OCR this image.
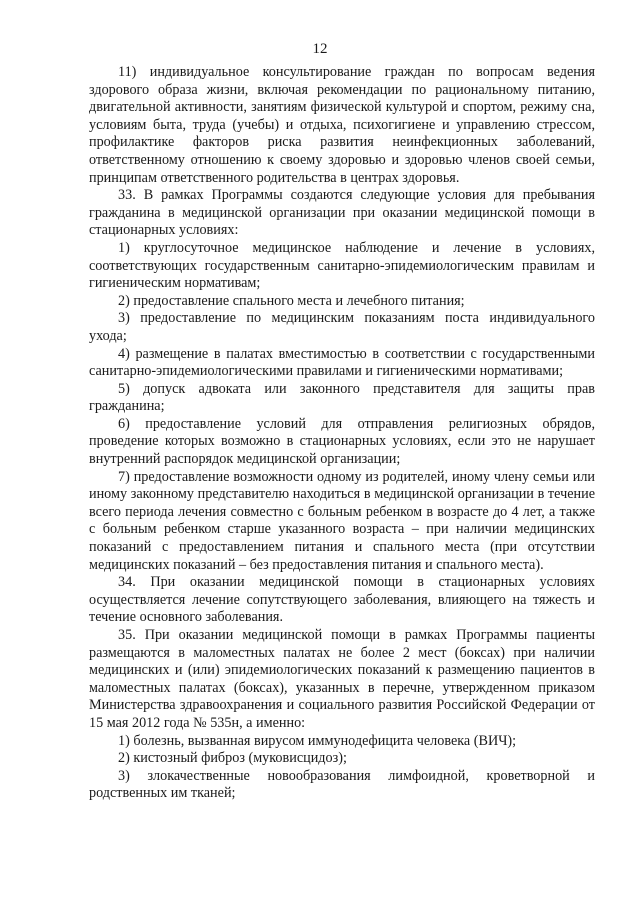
12

11) индивидуальное консультирование граждан по вопросам ведения здорового образа жизни, включая рекомендации по рациональному питанию, двигательной активности, занятиям физической культурой и спортом, режиму сна, условиям быта, труда (учебы) и отдыха, психогигиене и управлению стрессом, профилактике факторов риска развития неинфекционных заболеваний, ответственному отношению к своему здоровью и здоровью членов своей семьи, принципам ответственного родительства в центрах здоровья.

33. В рамках Программы создаются следующие условия для пребывания гражданина в медицинской организации при оказании медицинской помощи в стационарных условиях:

1) круглосуточное медицинское наблюдение и лечение в условиях, соответствующих государственным санитарно-эпидемиологическим правилам и гигиеническим нормативам;

2) предоставление спального места и лечебного питания;

3) предоставление по медицинским показаниям поста индивидуального ухода;

4) размещение в палатах вместимостью в соответствии с государственными санитарно-эпидемиологическими правилами и гигиеническими нормативами;

5) допуск адвоката или законного представителя для защиты прав гражданина;

6) предоставление условий для отправления религиозных обрядов, проведение которых возможно в стационарных условиях, если это не нарушает внутренний распорядок медицинской организации;

7) предоставление возможности одному из родителей, иному члену семьи или иному законному представителю находиться в медицинской организации в течение всего периода лечения совместно с больным ребенком в возрасте до 4 лет, а также с больным ребенком старше указанного возраста – при наличии медицинских показаний с предоставлением питания и спального места (при отсутствии медицинских показаний – без предоставления питания и спального места).

34. При оказании медицинской помощи в стационарных условиях осуществляется лечение сопутствующего заболевания, влияющего на тяжесть и течение основного заболевания.

35. При оказании медицинской помощи в рамках Программы пациенты размещаются в маломестных палатах не более 2 мест (боксах) при наличии медицинских и (или) эпидемиологических показаний к размещению пациентов в маломестных палатах (боксах), указанных в перечне, утвержденном приказом Министерства здравоохранения и социального развития Российской Федерации от 15 мая 2012 года № 535н, а именно:

1) болезнь, вызванная вирусом иммунодефицита человека (ВИЧ);

2) кистозный фиброз (муковисцидоз);

3) злокачественные новообразования лимфоидной, кроветворной и родственных им тканей;
